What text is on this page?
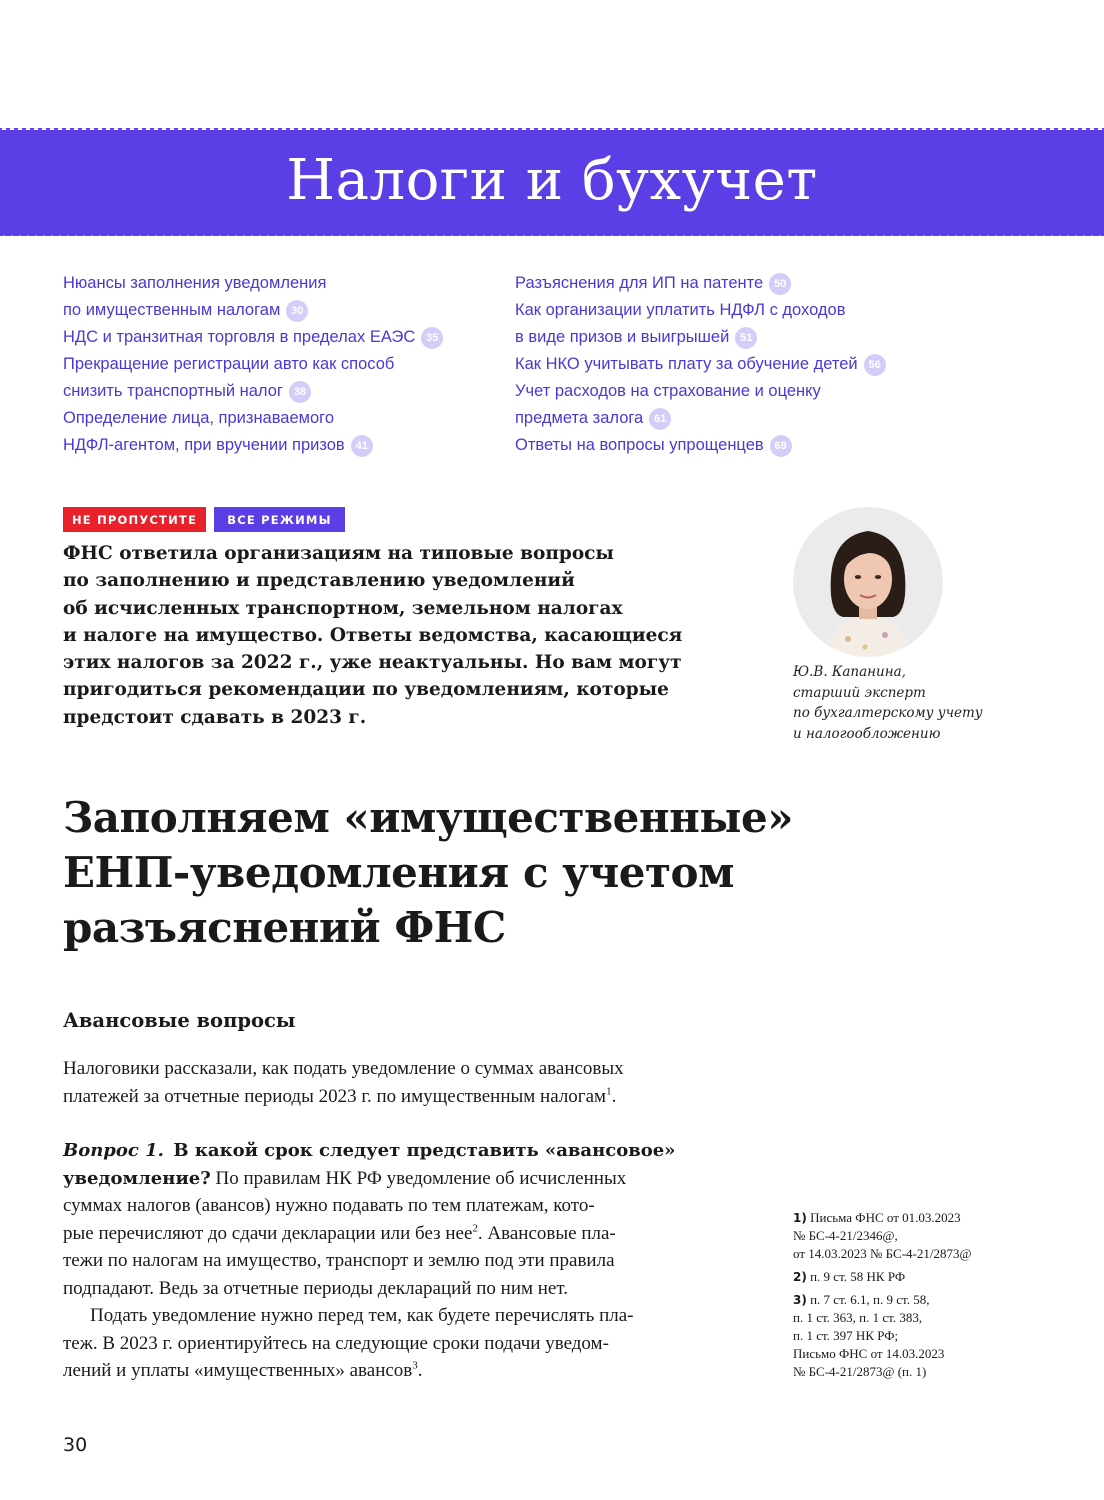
Налоги и бухучет
Нюансы заполнения уведомления
по имущественным налогам 30
НДС и транзитная торговля в пределах ЕАЭС 35
Прекращение регистрации авто как способ
снизить транспортный налог 38
Определение лица, признаваемого
НДФЛ-агентом, при вручении призов 41
Разъяснения для ИП на патенте 50
Как организации уплатить НДФЛ с доходов
в виде призов и выигрышей 51
Как НКО учитывать плату за обучение детей 56
Учет расходов на страхование и оценку
предмета залога 61
Ответы на вопросы упрощенцев 69
НЕ ПРОПУСТИТЕ	ВСЕ РЕЖИМЫ
ФНС ответила организациям на типовые вопросы
по заполнению и представлению уведомлений
об исчисленных транспортном, земельном налогах
и налоге на имущество. Ответы ведомства, касающиеся
этих налогов за 2022 г., уже неактуальны. Но вам могут
пригодиться рекомендации по уведомлениям, которые
предстоит сдавать в 2023 г.
Ю.В. Капанина,
старший эксперт
по бухгалтерскому учету
и налогообложению
Заполняем «имущественные»
ЕНП-уведомления с учетом
разъяснений ФНС
Авансовые вопросы
Налоговики рассказали, как подать уведомление о суммах авансовых
платежей за отчетные периоды 2023 г. по имущественным налогам$^1$.
Вопрос 1. В какой срок следует представить «авансовое»
уведомление? По правилам НК РФ уведомление об исчисленных
суммах налогов (авансов) нужно подавать по тем платежам, кото-
рые перечисляют до сдачи декларации или без нее$^2$. Авансовые пла-
тежи по налогам на имущество, транспорт и землю под эти правила
подпадают. Ведь за отчетные периоды деклараций по ним нет.
Подать уведомление нужно перед тем, как будете перечислять пла-
теж. В 2023 г. ориентируйтесь на следующие сроки подачи уведом-
лений и уплаты «имущественных» авансов$^3$.
1) Письма ФНС от 01.03.2023
№ БС-4-21/2346@,
от 14.03.2023 № БС-4-21/2873@
2) п. 9 ст. 58 НК РФ
3) п. 7 ст. 6.1, п. 9 ст. 58,
п. 1 ст. 363, п. 1 ст. 383,
п. 1 ст. 397 НК РФ;
Письмо ФНС от 14.03.2023
№ БС-4-21/2873@ (п. 1)
30
